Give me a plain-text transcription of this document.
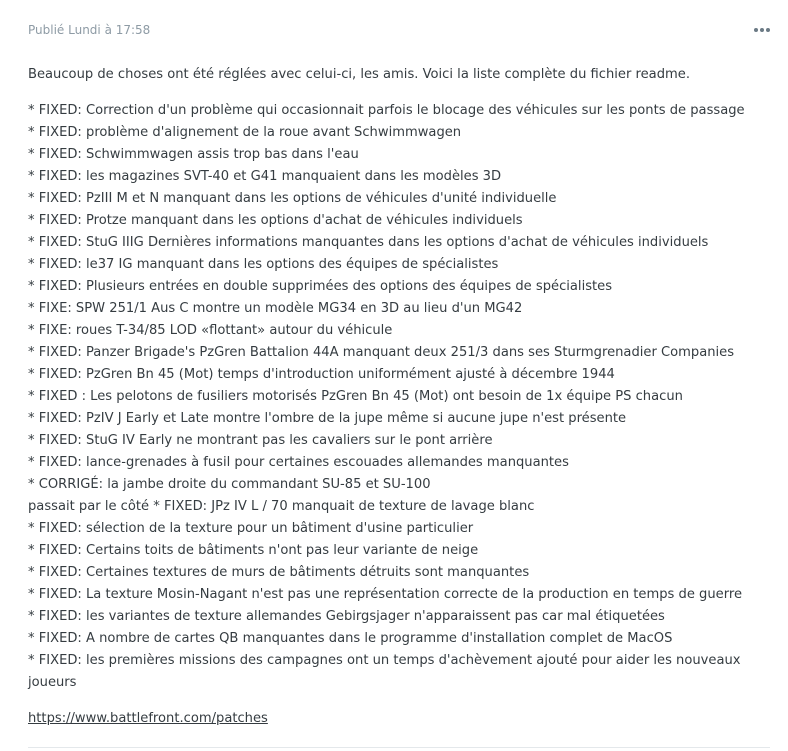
Publié Lundi à 17:58

Beaucoup de choses ont été réglées avec celui-ci, les amis. Voici la liste complète du fichier readme.

* FIXED: Correction d'un problème qui occasionnait parfois le blocage des véhicules sur les ponts de passage
* FIXED: problème d'alignement de la roue avant Schwimmwagen
* FIXED: Schwimmwagen assis trop bas dans l'eau
* FIXED: les magazines SVT-40 et G41 manquaient dans les modèles 3D
* FIXED: PzIII M et N manquant dans les options de véhicules d'unité individuelle
* FIXED: Protze manquant dans les options d'achat de véhicules individuels
* FIXED: StuG IIIG Dernières informations manquantes dans les options d'achat de véhicules individuels
* FIXED: le37 IG manquant dans les options des équipes de spécialistes
* FIXED: Plusieurs entrées en double supprimées des options des équipes de spécialistes
* FIXE: SPW 251/1 Aus C montre un modèle MG34 en 3D au lieu d'un MG42
* FIXE: roues T-34/85 LOD «flottant» autour du véhicule
* FIXED: Panzer Brigade's PzGren Battalion 44A manquant deux 251/3 dans ses Sturmgrenadier Companies
* FIXED: PzGren Bn 45 (Mot) temps d'introduction uniformément ajusté à décembre 1944
* FIXED : Les pelotons de fusiliers motorisés PzGren Bn 45 (Mot) ont besoin de 1x équipe PS chacun
* FIXED: PzIV J Early et Late montre l'ombre de la jupe même si aucune jupe n'est présente
* FIXED: StuG IV Early ne montrant pas les cavaliers sur le pont arrière
* FIXED: lance-grenades à fusil pour certaines escouades allemandes manquantes
* CORRIGÉ: la jambe droite du commandant SU-85 et SU-100
passait par le côté * FIXED: JPz IV L / 70 manquait de texture de lavage blanc
* FIXED: sélection de la texture pour un bâtiment d'usine particulier
* FIXED: Certains toits de bâtiments n'ont pas leur variante de neige
* FIXED: Certaines textures de murs de bâtiments détruits sont manquantes
* FIXED: La texture Mosin-Nagant n'est pas une représentation correcte de la production en temps de guerre
* FIXED: les variantes de texture allemandes Gebirgsjager n'apparaissent pas car mal étiquetées
* FIXED: A nombre de cartes QB manquantes dans le programme d'installation complet de MacOS
* FIXED: les premières missions des campagnes ont un temps d'achèvement ajouté pour aider les nouveaux joueurs
https://www.battlefront.com/patches
